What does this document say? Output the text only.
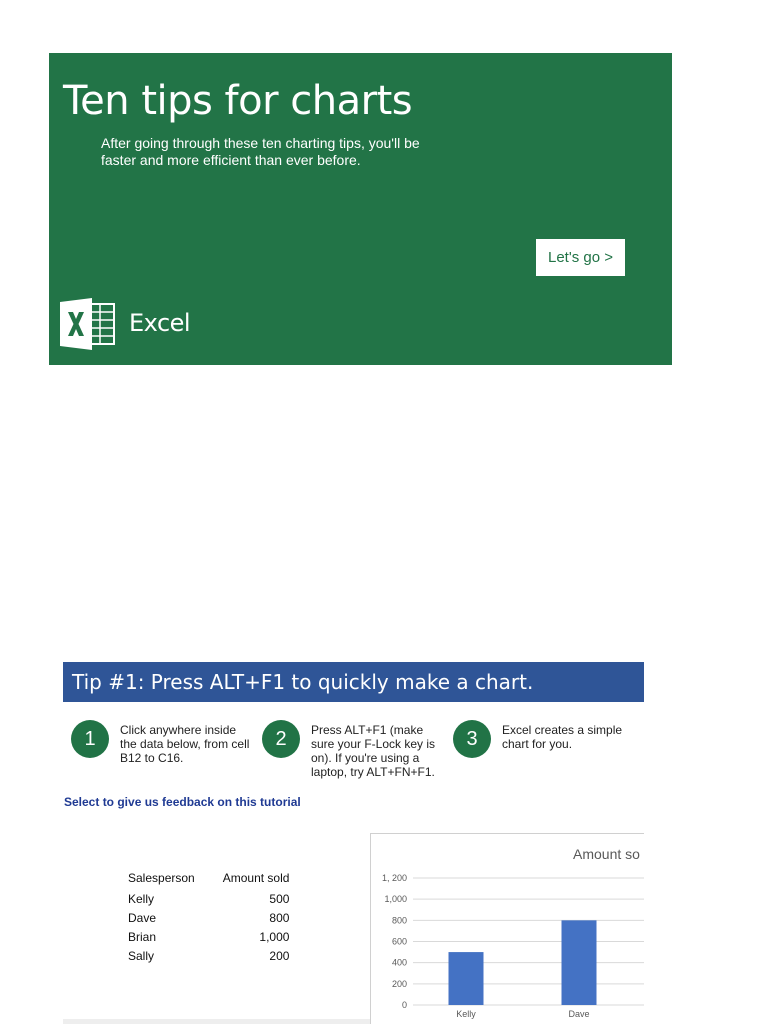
Ten tips for charts

After going through these ten charting tips, you'll be faster and more efficient than ever before.

Let's go >
Excel
Tip #1: Press ALT+F1 to quickly make a chart.
1	Click anywhere inside the data below, from cell B12 to C16.

2	Press ALT+F1 (make sure your F-Lock key is on). If you're using a laptop, try ALT+FN+F1.

3	Excel creates a simple chart for you.

Select to give us feedback on this tutorial
Salesperson	Amount sold
Kelly	500
Dave	800
Brian	1,000
Sally	200
Amount so
0
200
400
600
800
1,000
1, 200
Kelly	Dave
